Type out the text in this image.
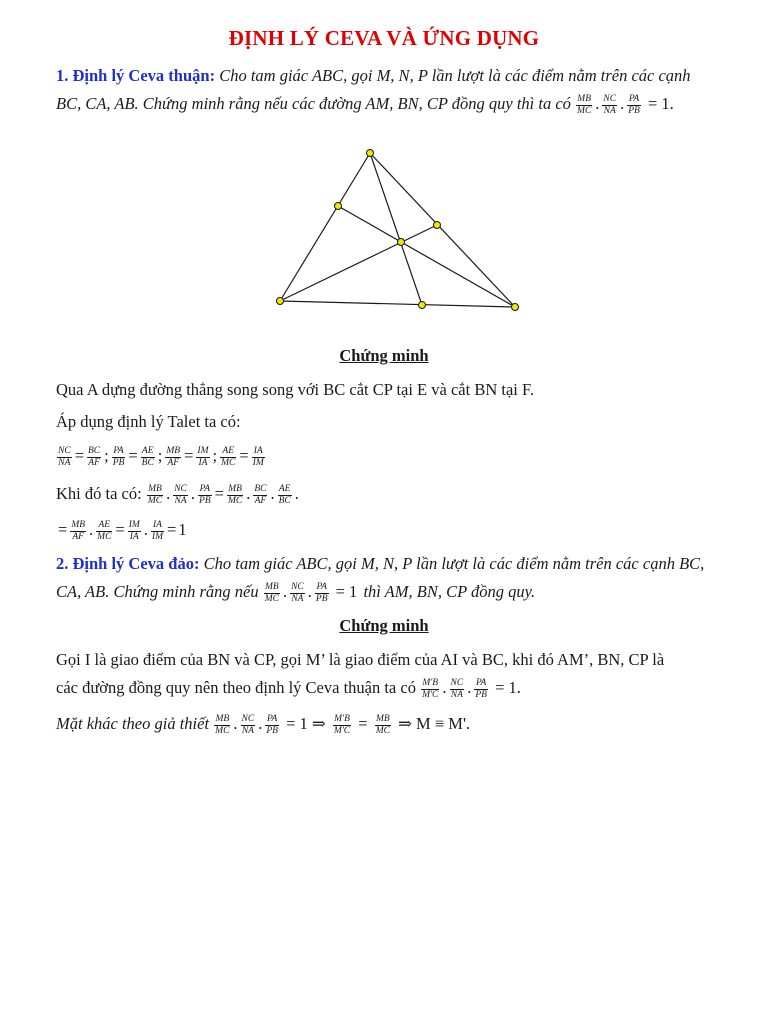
ĐỊNH LÝ CEVA VÀ ỨNG DỤNG
1. Định lý Ceva thuận: Cho tam giác ABC, gọi M, N, P lần lượt là các điểm nằm trên các cạnh
BC, CA, AB. Chứng minh rằng nếu các đường AM, BN, CP đồng quy thì ta có $\frac{MB}{MC}$ . $\frac{NC}{NA}$ . $\frac{PA}{PB} = 1$.
Chứng minh
Qua A dựng đường thẳng song song với BC cắt CP tại E và cắt BN tại F.
Áp dụng định lý Talet ta có:
$\frac{NC}{NA} = \frac{BC}{AF}$ ; $\frac{PA}{PB} = \frac{AE}{BC}$ ; $\frac{MB}{AF} = \frac{IM}{IA}$ ; $\frac{AE}{MC} = \frac{IA}{IM}$
Khi đó ta có: $\frac{MB}{MC}$ . $\frac{NC}{NA}$ . $\frac{PA}{PB} = \frac{MB}{MC}$ . $\frac{BC}{AF}$ . $\frac{AE}{BC}$ .
= $\frac{MB}{AF}$ . $\frac{AE}{MC} = \frac{IM}{IA}$ . $\frac{IA}{IM} = 1$
2. Định lý Ceva đảo: Cho tam giác ABC, gọi M, N, P lần lượt là các điểm nằm trên các cạnh BC,
CA, AB. Chứng minh rằng nếu $\frac{MB}{MC}$ . $\frac{NC}{NA}$ . $\frac{PA}{PB} = 1$ thì AM, BN, CP đồng quy.
Chứng minh
Gọi I là giao điểm của BN và CP, gọi M’ là giao điểm của AI và BC, khi đó AM’, BN, CP là
các đường đồng quy nên theo định lý Ceva thuận ta có $\frac{M'B}{M'C}$ . $\frac{NC}{NA}$ . $\frac{PA}{PB} = 1$.
Mặt khác theo giả thiết $\frac{MB}{MC}$ . $\frac{NC}{NA}$ . $\frac{PA}{PB} = 1$ ⇒ $\frac{M'B}{M'C} = \frac{MB}{MC}$ ⇒ M ≡ M'.
